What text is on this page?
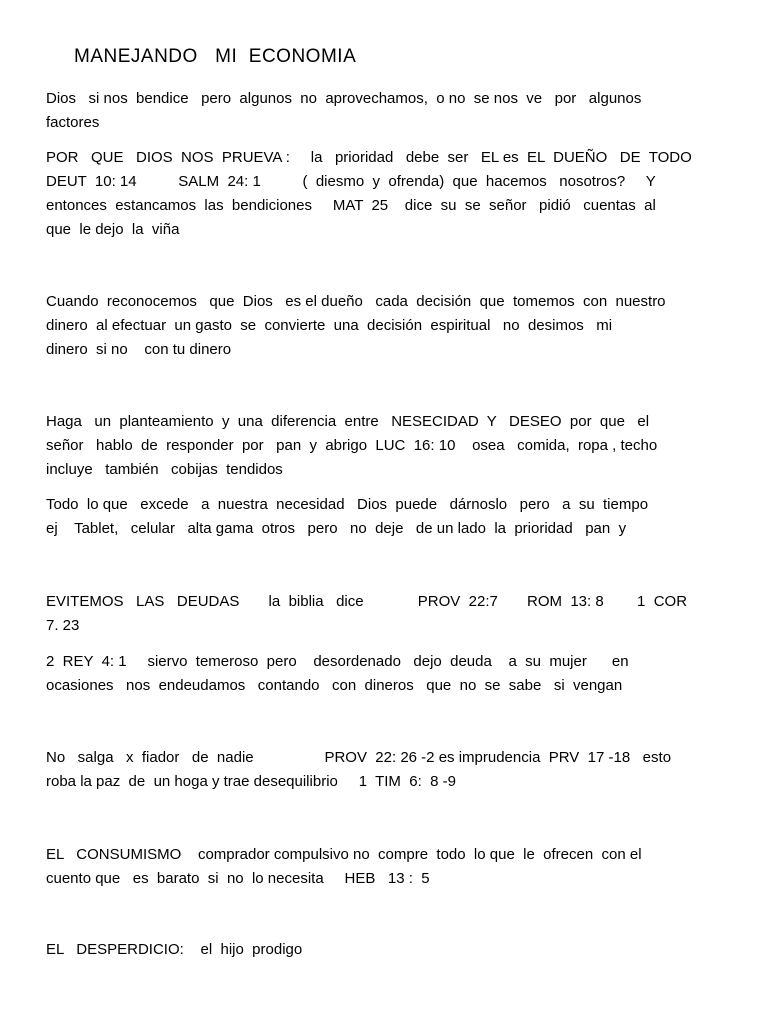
MANEJANDO   MI  ECONOMIA
Dios   si nos  bendice   pero  algunos  no  aprovechamos,  o no  se nos  ve   por   algunos
factores
POR   QUE   DIOS  NOS  PRUEVA :     la   prioridad   debe  ser   EL es  EL  DUEÑO   DE  TODO
DEUT  10: 14          SALM  24: 1          (  diesmo  y  ofrenda)  que  hacemos   nosotros?     Y
entonces  estancamos  las  bendiciones     MAT  25    dice  su  se  señor   pidió   cuentas  al
que  le dejo  la  viña
Cuando  reconocemos   que  Dios   es el dueño   cada  decisión  que  tomemos  con  nuestro
dinero  al efectuar  un gasto  se  convierte  una  decisión  espiritual   no  desimos   mi
dinero  si no    con tu dinero
Haga   un  planteamiento  y  una  diferencia  entre   NESECIDAD  Y   DESEO  por  que   el
señor   hablo  de  responder  por   pan  y  abrigo  LUC  16: 10    osea   comida,  ropa , techo
incluye   también   cobijas  tendidos
Todo  lo que   excede   a  nuestra  necesidad   Dios  puede   dárnoslo   pero   a  su  tiempo
ej    Tablet,   celular   alta gama  otros   pero   no  deje   de un lado  la  prioridad   pan  y
EVITEMOS   LAS   DEUDAS       la  biblia   dice             PROV  22:7       ROM  13: 8        1  COR
7. 23
2  REY  4: 1     siervo  temeroso  pero    desordenado   dejo  deuda    a  su  mujer      en
ocasiones   nos  endeudamos   contando   con  dineros   que  no  se  sabe   si  vengan
No   salga   x  fiador   de  nadie                 PROV  22: 26 -2 es imprudencia  PRV  17 -18   esto
roba la paz  de  un hoga y trae desequilibrio     1  TIM  6:  8 -9
EL   CONSUMISMO    comprador compulsivo no  compre  todo  lo que  le  ofrecen  con el
cuento que   es  barato  si  no  lo necesita     HEB   13 :  5
EL   DESPERDICIO:    el  hijo  prodigo
